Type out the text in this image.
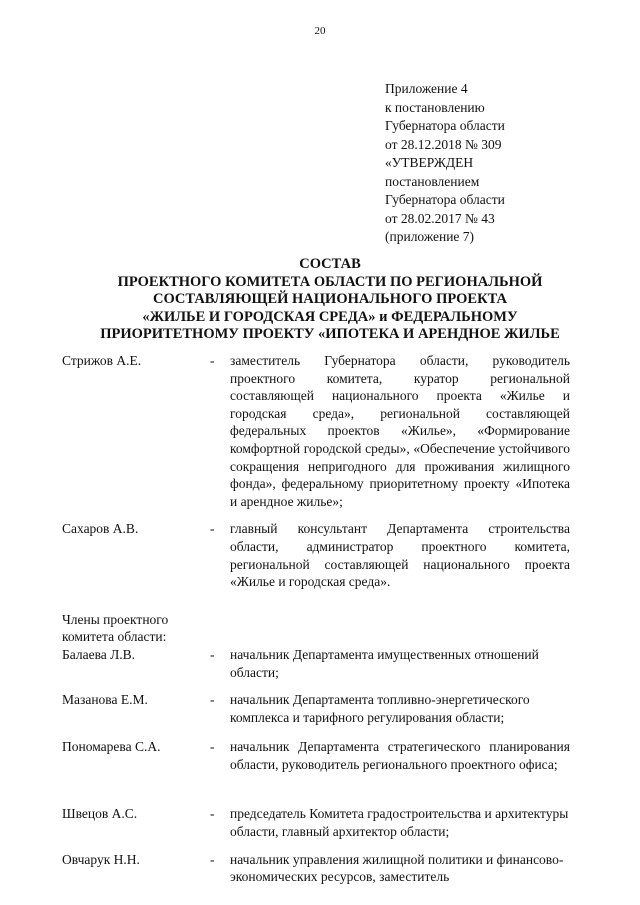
20
Приложение 4
к постановлению
Губернатора области
от 28.12.2018 № 309
«УТВЕРЖДЕН
постановлением
Губернатора области
от 28.02.2017 № 43
(приложение 7)
СОСТАВ
ПРОЕКТНОГО КОМИТЕТА ОБЛАСТИ ПО РЕГИОНАЛЬНОЙ
СОСТАВЛЯЮЩЕЙ НАЦИОНАЛЬНОГО ПРОЕКТА
«ЖИЛЬЕ И ГОРОДСКАЯ СРЕДА» и ФЕДЕРАЛЬНОМУ
ПРИОРИТЕТНОМУ ПРОЕКТУ «ИПОТЕКА И АРЕНДНОЕ ЖИЛЬЕ
Стрижов А.Е.	-	заместитель Губернатора области, руководитель проектного комитета, куратор региональной составляющей национального проекта «Жилье и городская среда», региональной составляющей федеральных проектов «Жилье», «Формирование комфортной городской среды», «Обеспечение устойчивого сокращения непригодного для проживания жилищного фонда», федеральному приоритетному проекту «Ипотека и арендное жилье»;
Сахаров А.В.	-	главный консультант Департамента строительства области, администратор проектного комитета, региональной составляющей национального проекта «Жилье и городская среда».
Члены проектного комитета области:
Балаева Л.В.	-	начальник Департамента имущественных отношений области;
Мазанова Е.М.	-	начальник Департамента топливно-энергетического комплекса и тарифного регулирования области;
Пономарева С.А.	-	начальник Департамента стратегического планирования области, руководитель регионального проектного офиса;
Швецов А.С.	-	председатель Комитета градостроительства и архитектуры области, главный архитектор области;
Овчарук Н.Н.	-	начальник управления жилищной политики и финансово-экономических ресурсов, заместитель
